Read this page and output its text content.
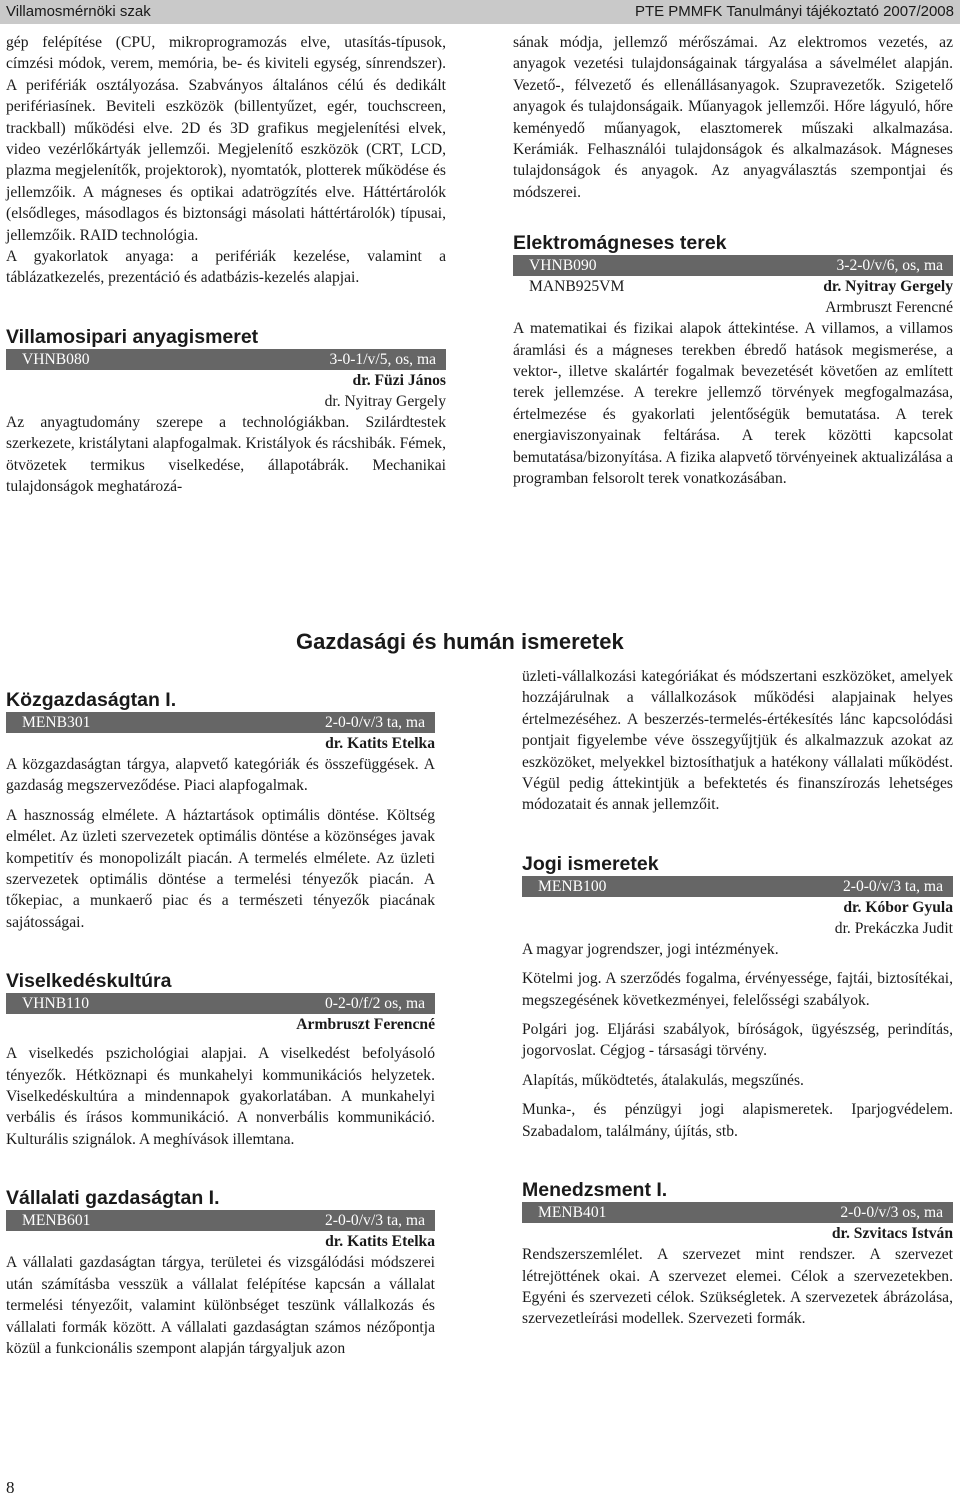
Villamosmérnöki szak	PTE PMMFK Tanulmányi tájékoztató 2007/2008

gép felépítése (CPU, mikroprogramozás elve, utasítás-típusok, címzési módok, verem, memória, be- és kiviteli egység, sínrendszer). A perifériák osztályozása. Szabványos általános célú és dedikált perifériasínek. Beviteli eszközök (billentyűzet, egér, touchscreen, trackball) működési elve. 2D és 3D grafikus megjelenítési elvek, video vezérlőkártyák jellemzői. Megjelenítő eszközök (CRT, LCD, plazma megjelenítők, projektorok), nyomtatók, plotterek működése és jellemzőik. A mágneses és optikai adatrögzítés elve. Háttértárolók (elsődleges, másodlagos és biztonsági másolati háttértárolók) típusai, jellemzőik. RAID technológia.

A gyakorlatok anyaga: a perifériák kezelése, valamint a táblázatkezelés, prezentáció és adatbázis-kezelés alapjai.

Villamosipari anyagismeret
VHNB080	3-0-1/v/5, os, ma
dr. Füzi János
dr. Nyitray Gergely

Az anyagtudomány szerepe a technológiákban. Szilárdtestek szerkezete, kristálytani alapfogalmak. Kristályok és rácshibák. Fémek, ötvözetek termikus viselkedése, állapotábrák. Mechanikai tulajdonságok meghatározá-

sának módja, jellemző mérőszámai. Az elektromos vezetés, az anyagok vezetési tulajdonságainak tárgyalása a sávelmélet alapján. Vezető-, félvezető és ellenállásanyagok. Szupravezetők. Szigetelő anyagok és tulajdonságaik. Műanyagok jellemzői. Hőre lágyuló, hőre keményedő műanyagok, elasztomerek műszaki alkalmazása. Kerámiák. Felhasználói tulajdonságok és alkalmazások. Mágneses tulajdonságok és anyagok. Az anyagválasztás szempontjai és módszerei.

Elektromágneses terek
VHNB090	3-2-0/v/6, os, ma
MANB925VM	dr. Nyitray Gergely
Armbruszt Ferencné

A matematikai és fizikai alapok áttekintése. A villamos, a villamos áramlási és a mágneses terekben ébredő hatások megismerése, a vektor-, illetve skalártér fogalmak bevezetését követően az említett terek jellemzése. A terekre jellemző törvények megfogalmazása, értelmezése és gyakorlati jelentőségük bemutatása. A terek energiaviszonyainak feltárása. A terek közötti kapcsolat bemutatása/bizonyítása. A fizika alapvető törvényeinek aktualizálása a programban felsorolt terek vonatkozásában.

Gazdasági és humán ismeretek
Közgazdaságtan I.
MENB301	2-0-0/v/3 ta, ma
dr. Katits Etelka

A közgazdaságtan tárgya, alapvető kategóriák és összefüggések. A gazdaság megszerveződése. Piaci alapfogalmak.

A hasznosság elmélete. A háztartások optimális döntése. Költség elmélet. Az üzleti szervezetek optimális döntése a közönséges javak kompetitív és monopolizált piacán. A termelés elmélete. Az üzleti szervezetek optimális döntése a termelési tényezők piacán. A tőkepiac, a munkaerő piac és a természeti tényezők piacának sajátosságai.

Viselkedéskultúra
VHNB110	0-2-0/f/2 os, ma
Armbruszt Ferencné

A viselkedés pszichológiai alapjai. A viselkedést befolyásoló tényezők. Hétköznapi és munkahelyi kommunikációs helyzetek. Viselkedéskultúra a mindennapok gyakorlatában. A munkahelyi verbális és írásos kommunikáció. A nonverbális kommunikáció. Kulturális szignálok. A meghívások illemtana.

Vállalati gazdaságtan I.
MENB601	2-0-0/v/3 ta, ma
dr. Katits Etelka

A vállalati gazdaságtan tárgya, területei és vizsgálódási módszerei után számításba vesszük a vállalat felépítése kapcsán a vállalat termelési tényezőit, valamint különbséget teszünk vállalkozás és vállalati formák között. A vállalati gazdaságtan számos nézőpontja közül a funkcionális szempont alapján tárgyaljuk azon

üzleti-vállalkozási kategóriákat és módszertani eszközöket, amelyek hozzájárulnak a vállalkozások működési alapjainak helyes értelmezéséhez. A beszerzés-termelés-értékesítés lánc kapcsolódási pontjait figyelembe véve összegyűjtjük és alkalmazzuk azokat az eszközöket, melyekkel biztosíthatjuk a hatékony vállalati működést. Végül pedig áttekintjük a befektetés és finanszírozás lehetséges módozatait és annak jellemzőit.

Jogi ismeretek
MENB100	2-0-0/v/3 ta, ma
dr. Kóbor Gyula
dr. Prekáczka Judit

A magyar jogrendszer, jogi intézmények.

Kötelmi jog. A szerződés fogalma, érvényessége, fajtái, biztosítékai, megszegésének következményei, felelősségi szabályok.

Polgári jog. Eljárási szabályok, bíróságok, ügyészség, perindítás, jogorvoslat. Cégjog - társasági törvény.

Alapítás, működtetés, átalakulás, megszűnés.

Munka-, és pénzügyi jogi alapismeretek. Iparjogvédelem. Szabadalom, találmány, újítás, stb.

Menedzsment I.
MENB401	2-0-0/v/3 os, ma
dr. Szvitacs István

Rendszerszemlélet. A szervezet mint rendszer. A szervezet létrejöttének okai. A szervezet elemei. Célok a szervezetekben. Egyéni és szervezeti célok. Szükségletek. A szervezetek ábrázolása, szervezetleírási modellek. Szervezeti formák.

8
